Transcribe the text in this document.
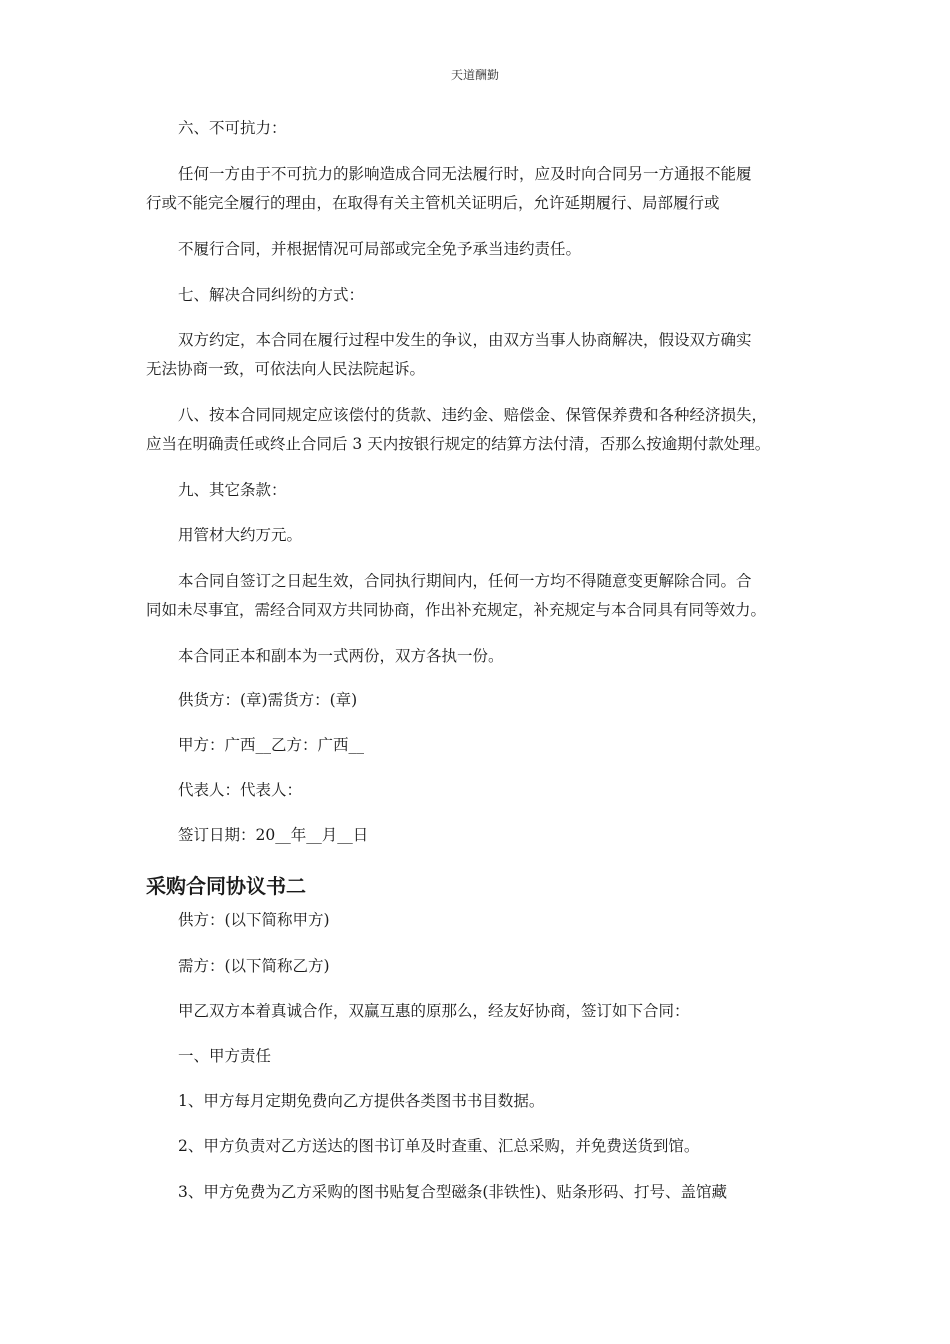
天道酬勤
六、不可抗力：
任何一方由于不可抗力的影响造成合同无法履行时，应及时向合同另一方通报不能履
行或不能完全履行的理由，在取得有关主管机关证明后，允许延期履行、局部履行或
不履行合同，并根据情况可局部或完全免予承当违约责任。
七、解决合同纠纷的方式：
双方约定，本合同在履行过程中发生的争议，由双方当事人协商解决，假设双方确实
无法协商一致，可依法向人民法院起诉。
八、按本合同同规定应该偿付的货款、违约金、赔偿金、保管保养费和各种经济损失，
应当在明确责任或终止合同后 3 天内按银行规定的结算方法付清，否那么按逾期付款处理。
九、其它条款：
用管材大约万元。
本合同自签订之日起生效，合同执行期间内，任何一方均不得随意变更解除合同。合
同如未尽事宜，需经合同双方共同协商，作出补充规定，补充规定与本合同具有同等效力。
本合同正本和副本为一式两份，双方各执一份。
供货方：(章)需货方：(章)
甲方：广西__乙方：广西__
代表人：代表人：
签订日期：20__年__月__日
采购合同协议书二
供方：(以下简称甲方)
需方：(以下简称乙方)
甲乙双方本着真诚合作，双赢互惠的原那么，经友好协商，签订如下合同：
一、甲方责任
1、甲方每月定期免费向乙方提供各类图书书目数据。
2、甲方负责对乙方送达的图书订单及时查重、汇总采购，并免费送货到馆。
3、甲方免费为乙方采购的图书贴复合型磁条(非铁性)、贴条形码、打号、盖馆藏
